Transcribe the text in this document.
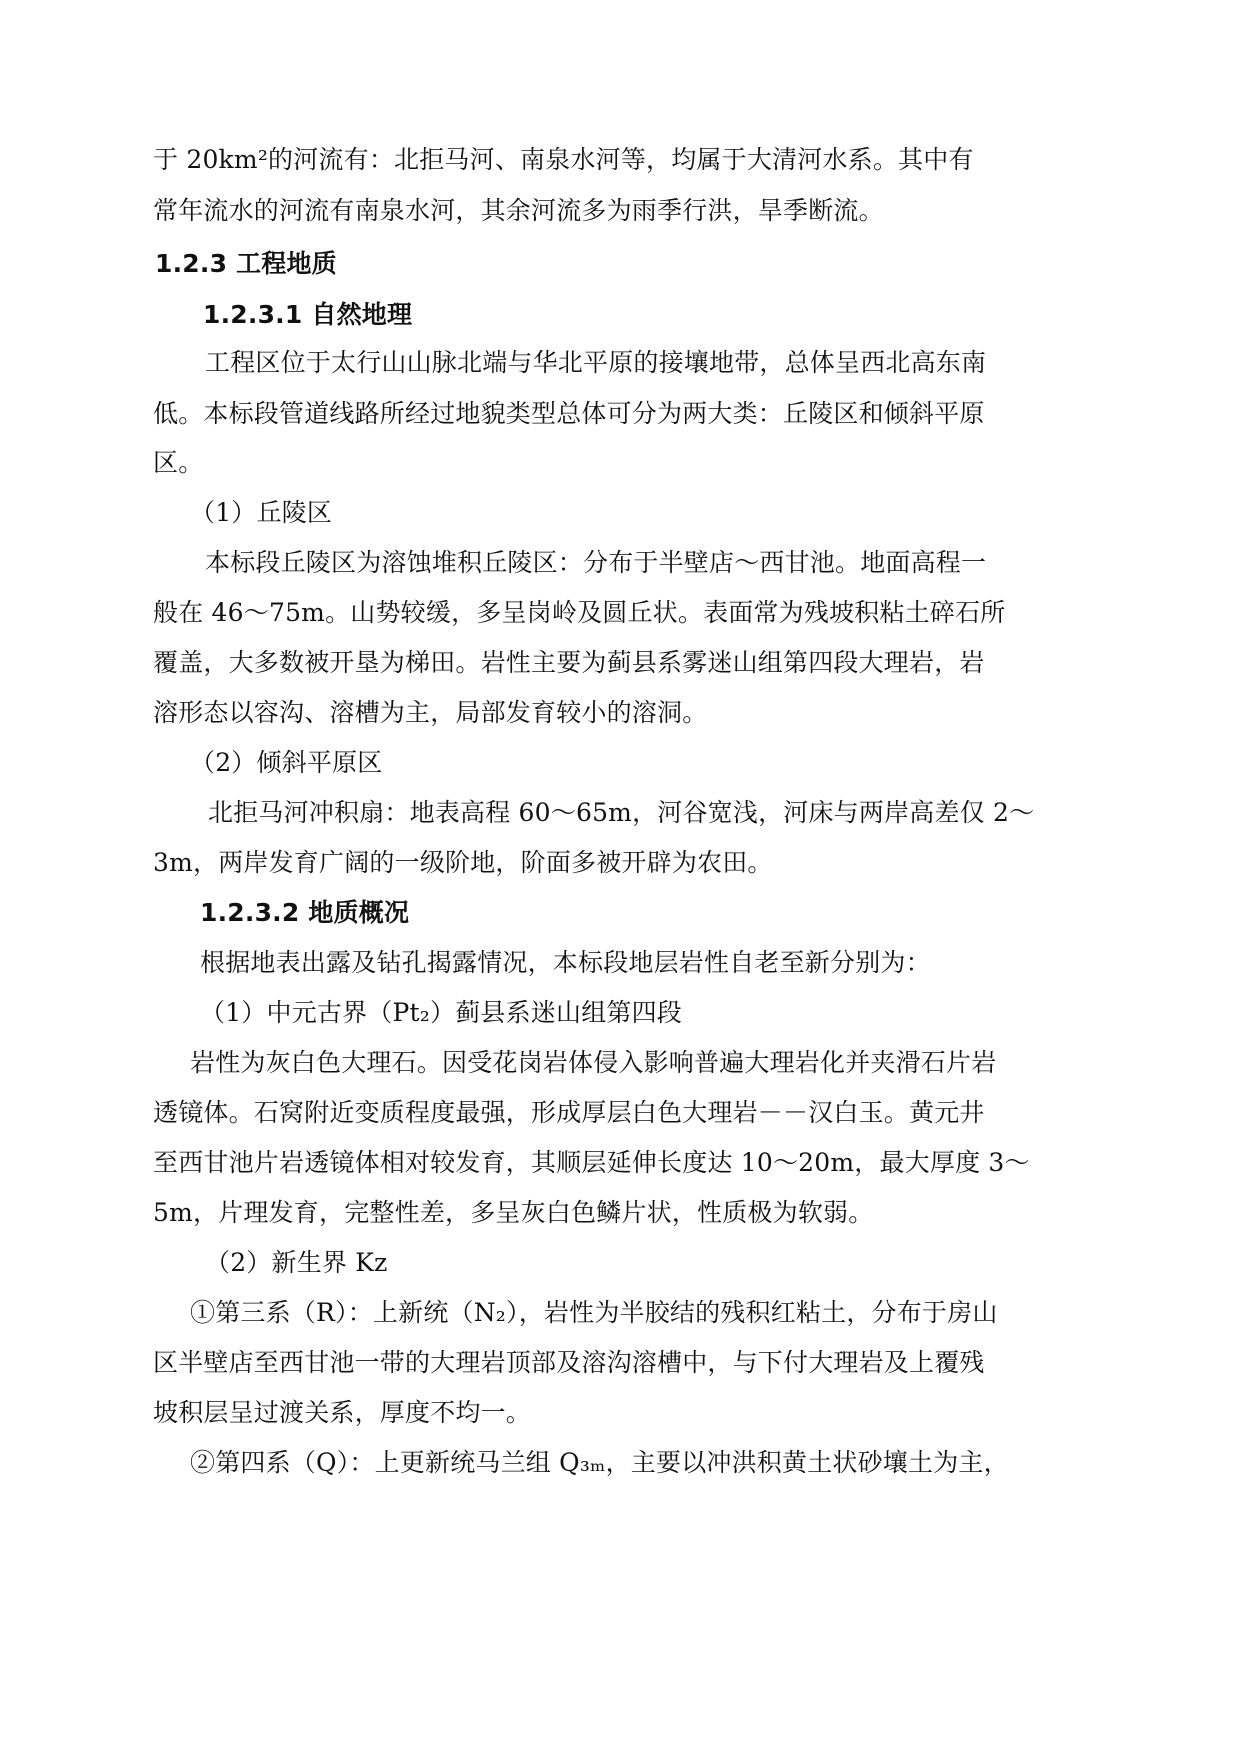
于 20km²的河流有：北拒马河、南泉水河等，均属于大清河水系。其中有
常年流水的河流有南泉水河，其余河流多为雨季行洪，旱季断流。
1.2.3 工程地质
1.2.3.1 自然地理
工程区位于太行山山脉北端与华北平原的接壤地带，总体呈西北高东南
低。本标段管道线路所经过地貌类型总体可分为两大类：丘陵区和倾斜平原
区。
（1）丘陵区
本标段丘陵区为溶蚀堆积丘陵区：分布于半壁店～西甘池。地面高程一
般在 46～75m。山势较缓，多呈岗岭及圆丘状。表面常为残坡积粘土碎石所
覆盖，大多数被开垦为梯田。岩性主要为蓟县系雾迷山组第四段大理岩，岩
溶形态以容沟、溶槽为主，局部发育较小的溶洞。
（2）倾斜平原区
北拒马河冲积扇：地表高程 60～65m，河谷宽浅，河床与两岸高差仅 2～
3m，两岸发育广阔的一级阶地，阶面多被开辟为农田。
1.2.3.2 地质概况
根据地表出露及钻孔揭露情况，本标段地层岩性自老至新分别为：
（1）中元古界（Pt₂）蓟县系迷山组第四段
岩性为灰白色大理石。因受花岗岩体侵入影响普遍大理岩化并夹滑石片岩
透镜体。石窝附近变质程度最强，形成厚层白色大理岩－－汉白玉。黄元井
至西甘池片岩透镜体相对较发育，其顺层延伸长度达 10～20m，最大厚度 3～
5m，片理发育，完整性差，多呈灰白色鳞片状，性质极为软弱。
（2）新生界 Kz
①第三系（R）：上新统（N₂），岩性为半胶结的残积红粘土，分布于房山
区半壁店至西甘池一带的大理岩顶部及溶沟溶槽中，与下付大理岩及上覆残
坡积层呈过渡关系，厚度不均一。
②第四系（Q）：上更新统马兰组 Q₃ₘ，主要以冲洪积黄土状砂壤土为主，
